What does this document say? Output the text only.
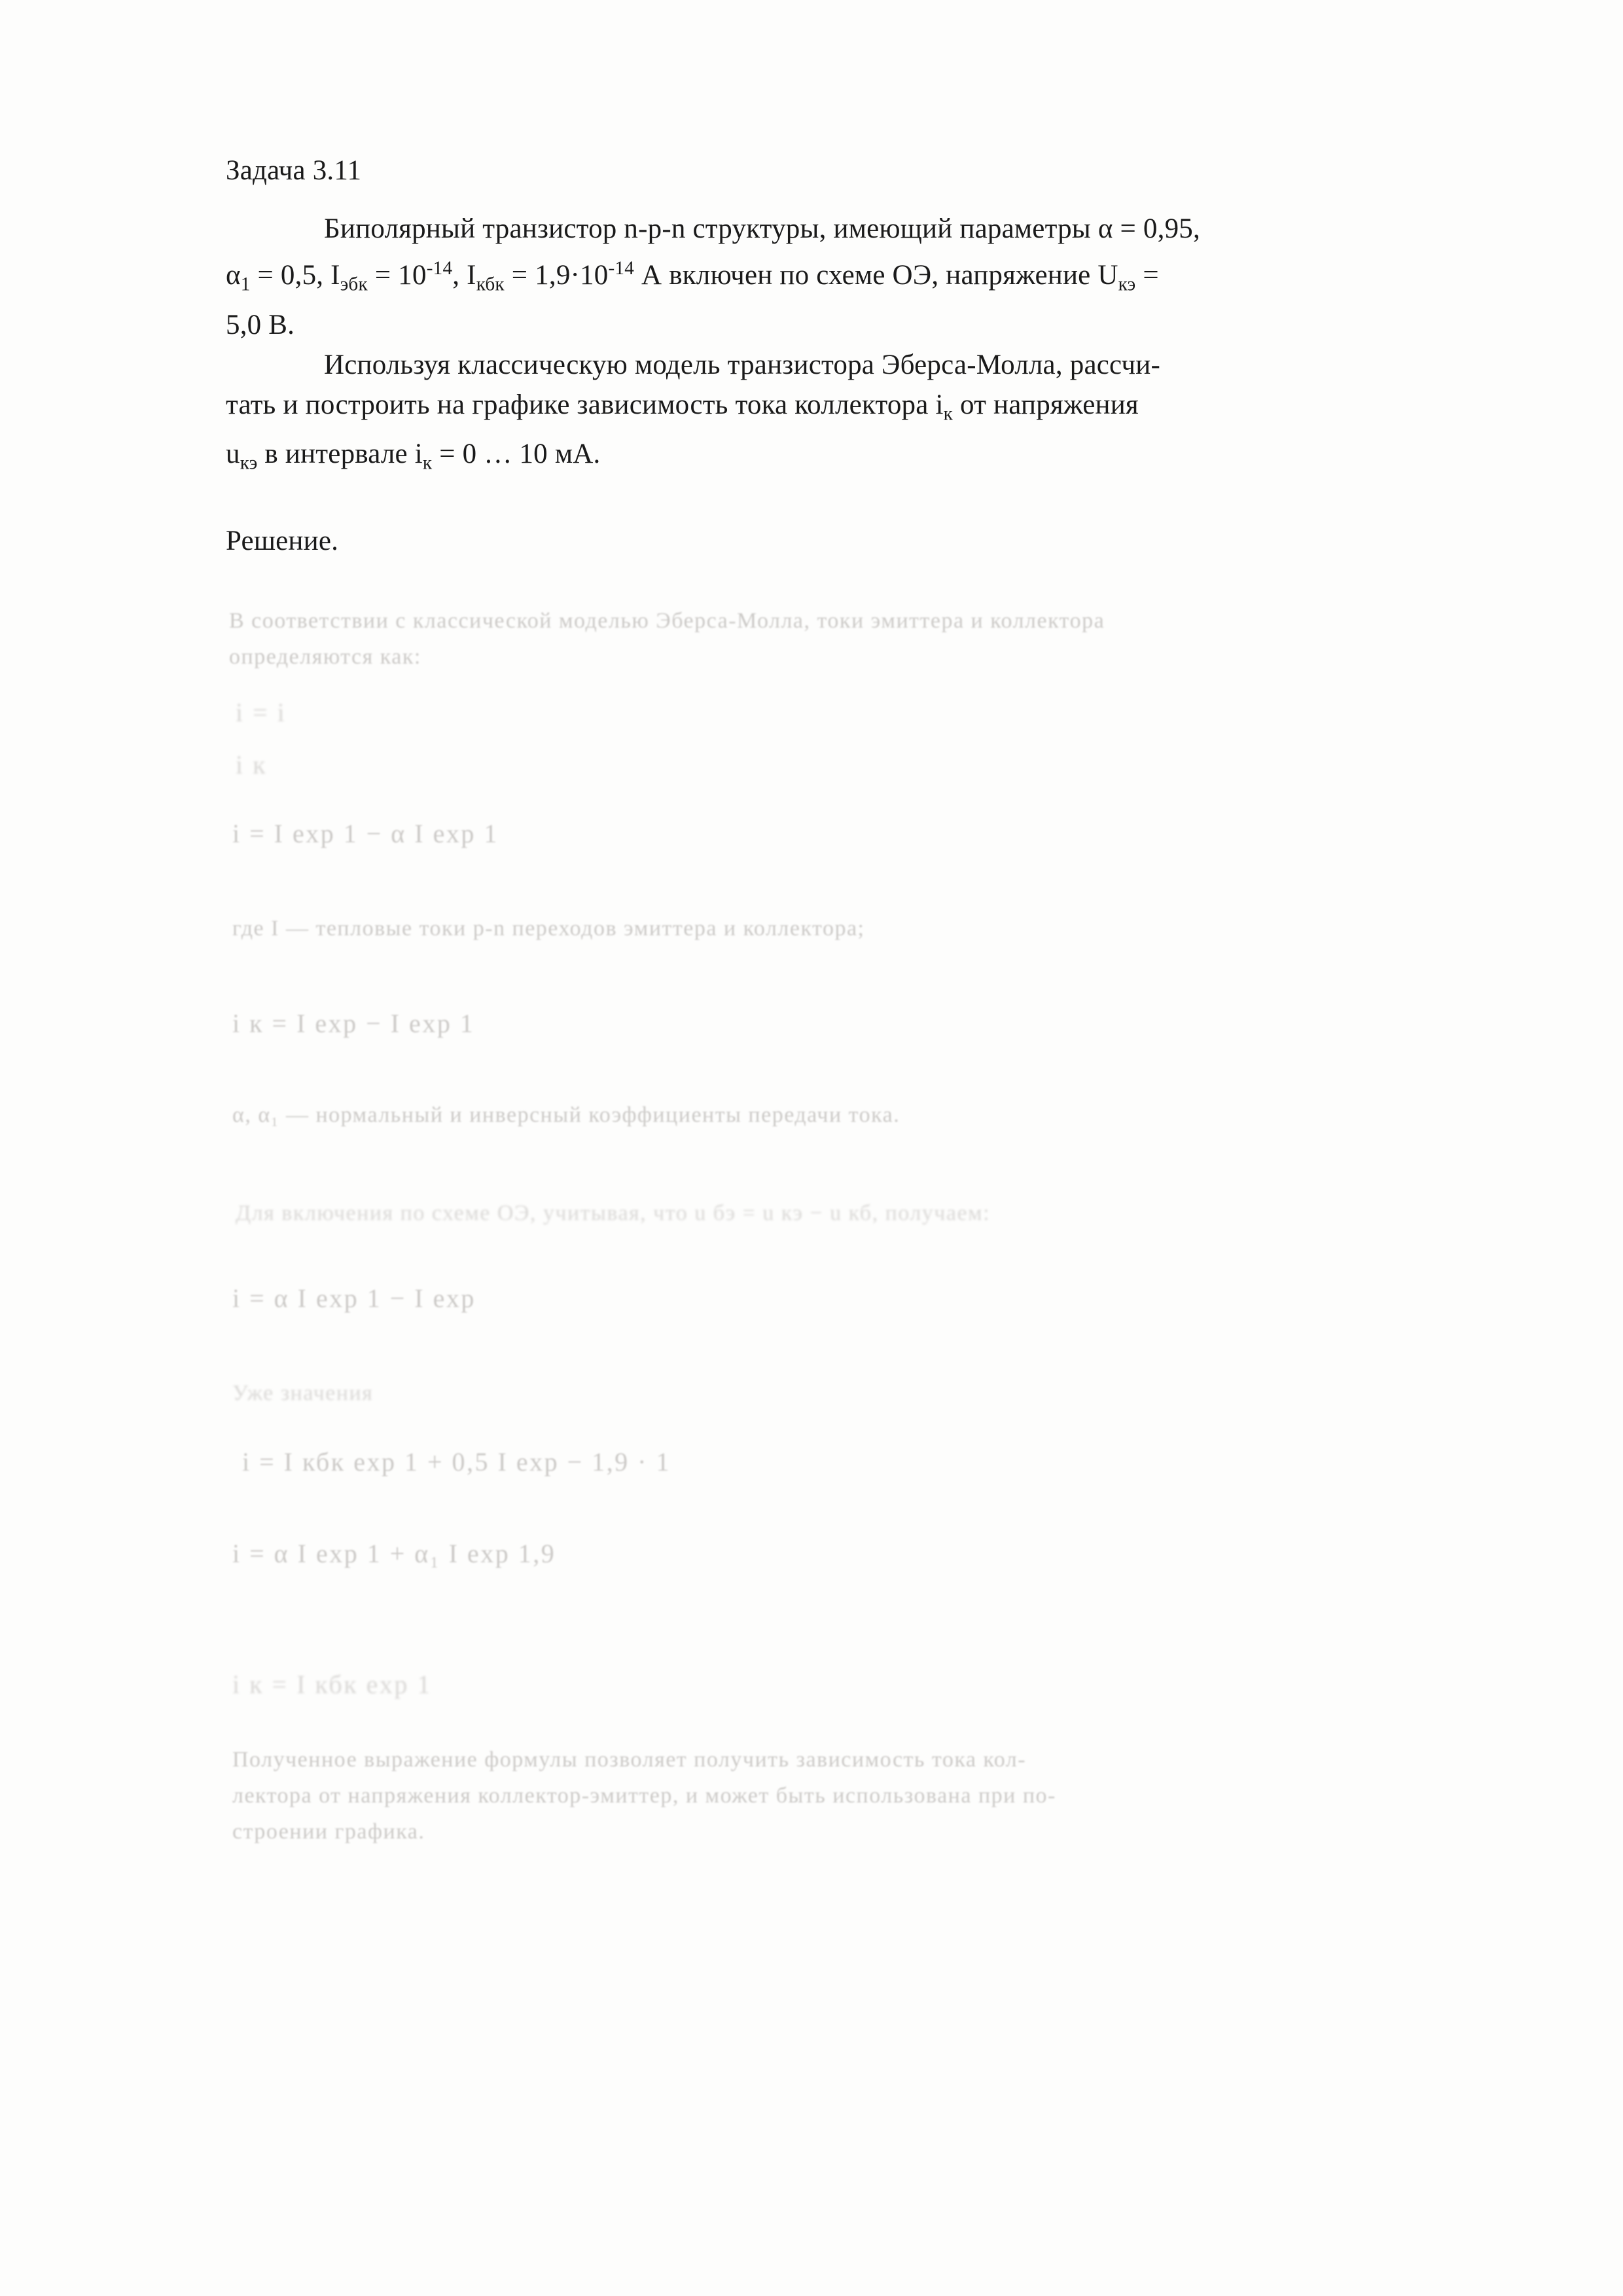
Задача 3.11
Биполярный транзистор n-p-n структуры, имеющий параметры α = 0,95,
$\alpha_1 = 0,5$, $I_{эбк} = 10^{-14}$, $I_{кбк} = 1,9\cdot 10^{-14}$ А включен по схеме ОЭ, напряжение $U_{кэ}$ =
5,0 В.
Используя классическую модель транзистора Эберса-Молла, рассчи-
тать и построить на графике зависимость тока коллектора $i_к$ от напряжения
$u_{кэ}$ в интервале $i_к = 0$ … 10 мА.
Решение.
В соответствии с классической моделью Эберса-Молла, токи эмиттера и коллектора
определяются как:
i = i
i к
i = I exp 1 − α I exp 1
где I — тепловые токи p-n переходов эмиттера и коллектора;
i к = I exp − I exp 1
α, α₁ — нормальный и инверсный коэффициенты передачи тока.
Для включения по схеме ОЭ, учитывая, что u бэ = u кэ − u кб, получаем:
i = α I exp 1 − I exp
Уже значения
i = I кбк exp 1 + 0,5 I exp − 1,9 · 1
i = α I exp 1 + α₁ I exp 1,9
i к = I кбк exp 1
Полученное выражение формулы позволяет получить зависимость тока кол-
лектора от напряжения коллектор-эмиттер, и может быть использована при по-
строении графика.
